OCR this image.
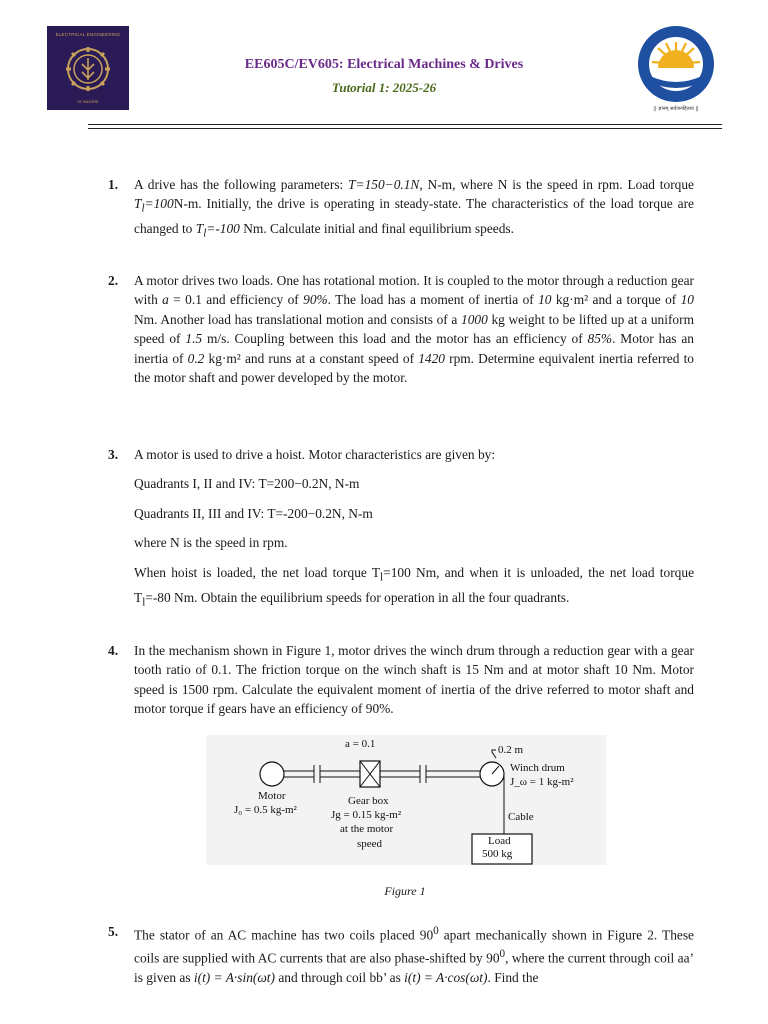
ELECTRICAL ENGINEERING
IIT INDORE
EE605C/EV605: Electrical Machines & Drives
Tutorial 1: 2025-26
|| ज्ञानम् सर्वजनहिताय ||
1. A drive has the following parameters: T=150−0.1N, N-m, where N is the speed in rpm. Load torque $T_l=100N-m$. Initially, the drive is operating in steady-state. The characteristics of the load torque are changed to $T_l=-100$ Nm. Calculate initial and final equilibrium speeds.
2. A motor drives two loads. One has rotational motion. It is coupled to the motor through a reduction gear with a = 0.1 and efficiency of 90%. The load has a moment of inertia of 10 kg·m² and a torque of 10 Nm. Another load has translational motion and consists of a 1000 kg weight to be lifted up at a uniform speed of 1.5 m/s. Coupling between this load and the motor has an efficiency of 85%. Motor has an inertia of 0.2 kg·m² and runs at a constant speed of 1420 rpm. Determine equivalent inertia referred to the motor shaft and power developed by the motor.
3. A motor is used to drive a hoist. Motor characteristics are given by:

Quadrants I, II and IV: T=200−0.2N, N-m

Quadrants II, III and IV: T=-200−0.2N, N-m

where N is the speed in rpm.

When hoist is loaded, the net load torque $T_l=100$ Nm, and when it is unloaded, the net load torque $T_l=-80$ Nm. Obtain the equilibrium speeds for operation in all the four quadrants.

4. In the mechanism shown in Figure 1, motor drives the winch drum through a reduction gear with a gear tooth ratio of 0.1. The friction torque on the winch shaft is 15 Nm and at motor shaft 10 Nm. Motor speed is 1500 rpm. Calculate the equivalent moment of inertia of the drive referred to motor shaft and motor torque if gears have an efficiency of 90%.
a = 0.1	0.2 m
Winch drum
J_ω = 1 kg-m²
Motor
J₀ = 0.5 kg-m²
Gear box
Jg = 0.15 kg-m²
at the motor
speed
Cable
Load
500 kg
Figure 1
5. The stator of an AC machine has two coils placed $90^0$ apart mechanically shown in Figure 2. These coils are supplied with AC currents that are also phase-shifted by $90^0$, where the current through coil aa’ is given as i(t) = A·sin(ωt) and through coil bb’ as i(t) = A·cos(ωt). Find the
